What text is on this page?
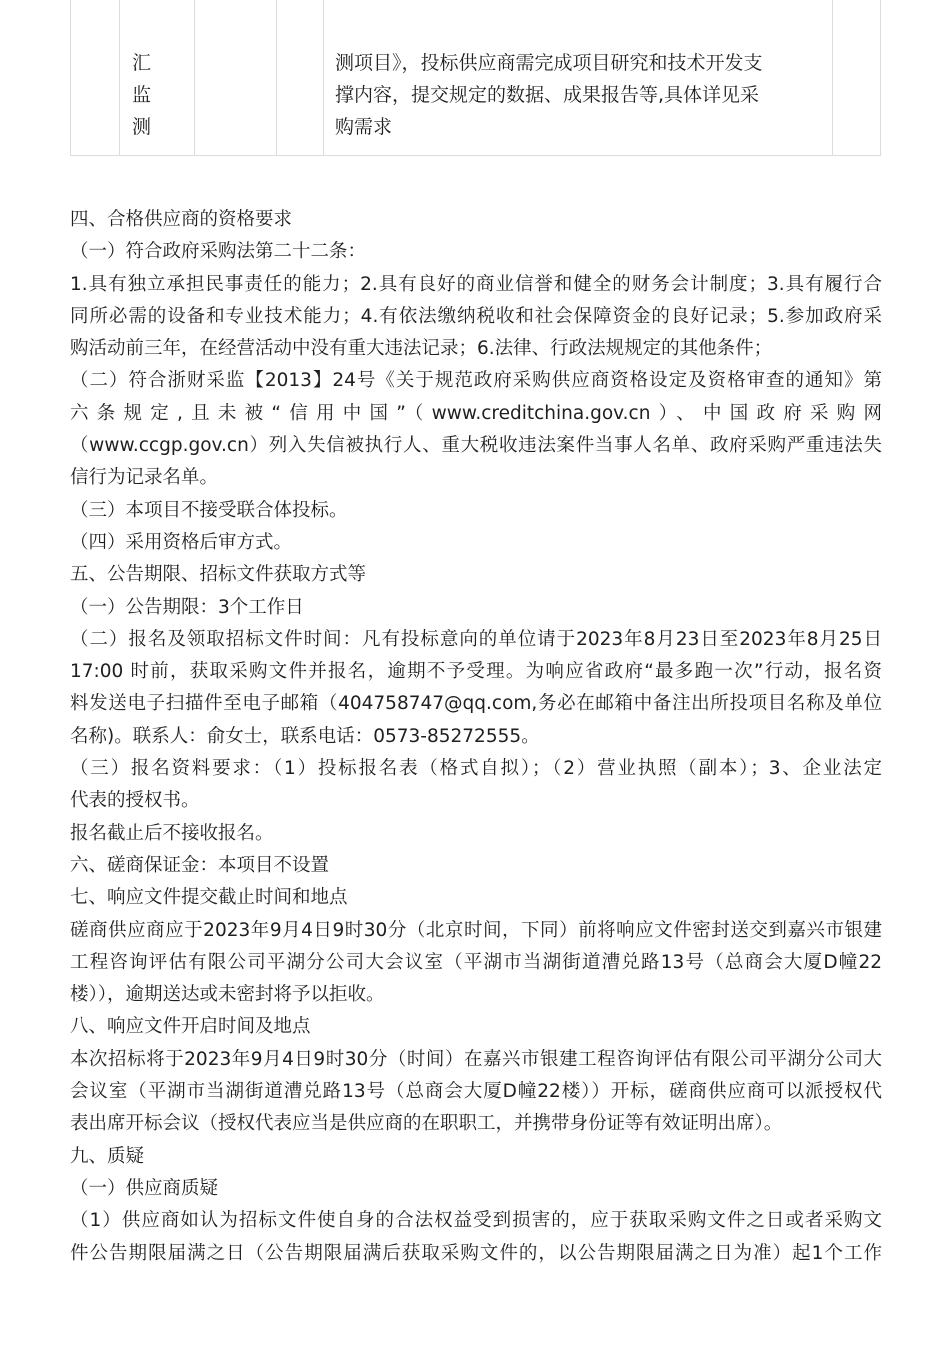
汇 监
测
测项目》，投标供应商需完成项目研究和技术开发支
撑内容，提交规定的数据、成果报告等,具体详见采
购需求

四、合格供应商的资格要求

（一）符合政府采购法第二十二条：

1.具有独立承担民事责任的能力；2.具有良好的商业信誉和健全的财务会计制度；3.具有履行合

同所必需的设备和专业技术能力；4.有依法缴纳税收和社会保障资金的良好记录；5.参加政府采

购活动前三年，在经营活动中没有重大违法记录；6.法律、行政法规规定的其他条件；

（二）符合浙财采监【2013】24号《关于规范政府采购供应商资格设定及资格审查的通知》第

六条规定,且未被“信用中国”（www.creditchina.gov.cn）、中国政府采购网

（www.ccgp.gov.cn）列入失信被执行人、重大税收违法案件当事人名单、政府采购严重违法失

信行为记录名单。

（三）本项目不接受联合体投标。

（四）采用资格后审方式。

五、公告期限、招标文件获取方式等

（一）公告期限：3个工作日

（二）报名及领取招标文件时间：凡有投标意向的单位请于2023年8月23日至2023年8月25日

17:00 时前，获取采购文件并报名，逾期不予受理。为响应省政府“最多跑一次”行动，报名资

料发送电子扫描件至电子邮箱（404758747@qq.com,务必在邮箱中备注出所投项目名称及单位

名称)。联系人：俞女士，联系电话：0573-85272555。

（三）报名资料要求：（1）投标报名表（格式自拟）；（2）营业执照（副本）；3、企业法定

代表的授权书。

报名截止后不接收报名。

六、磋商保证金：本项目不设置

七、响应文件提交截止时间和地点

磋商供应商应于2023年9月4日9时30分（北京时间，下同）前将响应文件密封送交到嘉兴市银建

工程咨询评估有限公司平湖分公司大会议室（平湖市当湖街道漕兑路13号（总商会大厦D幢22

楼）），逾期送达或未密封将予以拒收。

八、响应文件开启时间及地点

本次招标将于2023年9月4日9时30分（时间）在嘉兴市银建工程咨询评估有限公司平湖分公司大

会议室（平湖市当湖街道漕兑路13号（总商会大厦D幢22楼））开标，磋商供应商可以派授权代

表出席开标会议（授权代表应当是供应商的在职职工，并携带身份证等有效证明出席）。

九、质疑

（一）供应商质疑

（1）供应商如认为招标文件使自身的合法权益受到损害的，应于获取采购文件之日或者采购文

件公告期限届满之日（公告期限届满后获取采购文件的，以公告期限届满之日为准）起1个工作
